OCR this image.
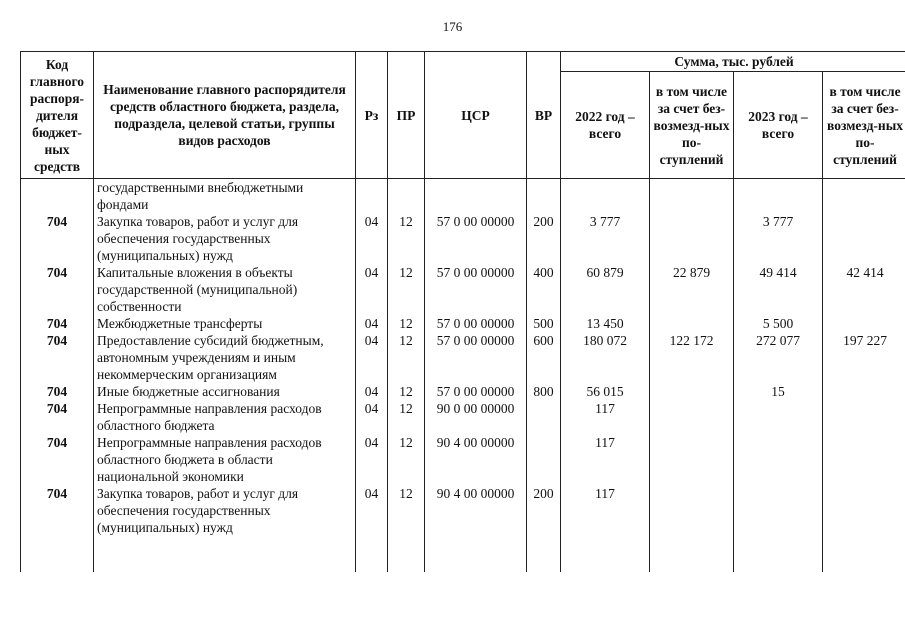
176
Код главного распоря-дителя бюджет-ных средств	Наименование главного распорядителя средств областного бюджета, раздела, подраздела, целевой статьи, группы видов расходов	Рз	ПР	ЦСР	ВР	Сумма, тыс. рублей			
						2022 год – всего	в том числе за счет без-возмезд-ных по-ступлений	2023 год – всего	в том числе за счет без-возмезд-ных по-ступлений
	государственными внебюджетными фондами								
704	Закупка товаров, работ и услуг для обеспечения государственных (муниципальных) нужд	04	12	57 0 00 00000	200	3 777		3 777	
704	Капитальные вложения в объекты государственной (муниципальной) собственности	04	12	57 0 00 00000	400	60 879	22 879	49 414	42 414
704	Межбюджетные трансферты	04	12	57 0 00 00000	500	13 450		5 500	
704	Предоставление субсидий бюджетным, автономным учреждениям и иным некоммерческим организациям	04	12	57 0 00 00000	600	180 072	122 172	272 077	197 227
704	Иные бюджетные ассигнования	04	12	57 0 00 00000	800	56 015		15	
704	Непрограммные направления расходов областного бюджета	04	12	90 0 00 00000		117			
704	Непрограммные направления расходов областного бюджета в области национальной экономики	04	12	90 4 00 00000		117			
704	Закупка товаров, работ и услуг для обеспечения государственных (муниципальных) нужд	04	12	90 4 00 00000	200	117			
